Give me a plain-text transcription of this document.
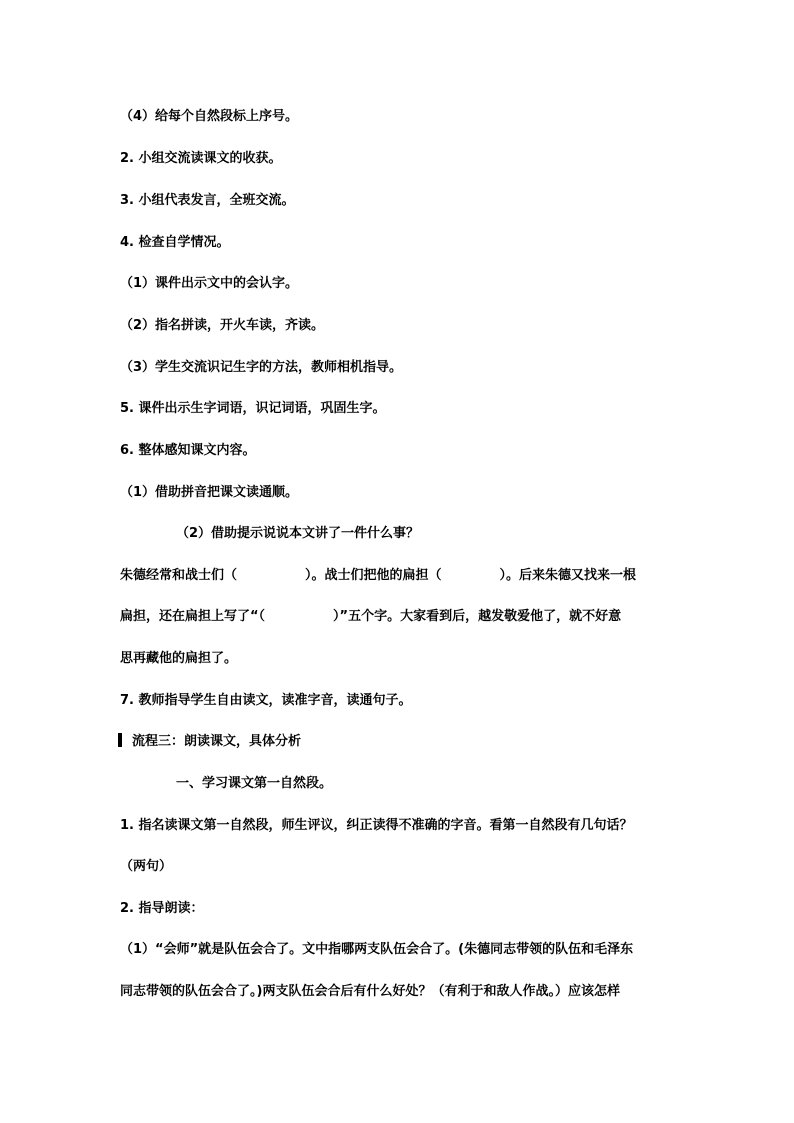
（4）给每个自然段标上序号。
2. 小组交流读课文的收获。
3. 小组代表发言，全班交流。
4. 检查自学情况。
（1）课件出示文中的会认字。
（2）指名拼读，开火车读，齐读。
（3）学生交流识记生字的方法，教师相机指导。
5. 课件出示生字词语，识记词语，巩固生字。
6. 整体感知课文内容。
（1）借助拼音把课文读通顺。
（2）借助提示说说本文讲了一件什么事？
朱德经常和战士们（	）。战士们把他的扁担（	）。后来朱德又找来一根
扁担，还在扁担上写了“（	）”五个字。大家看到后，越发敬爱他了，就不好意
思再藏他的扁担了。
7. 教师指导学生自由读文，读准字音，读通句子。
流程三：朗读课文，具体分析
一、学习课文第一自然段。
1. 指名读课文第一自然段，师生评议，纠正读得不准确的字音。看第一自然段有几句话？
（两句）
2. 指导朗读：
（1）“会师”就是队伍会合了。文中指哪两支队伍会合了。(朱德同志带领的队伍和毛泽东
同志带领的队伍会合了。)两支队伍会合后有什么好处？（有利于和敌人作战。）应该怎样
